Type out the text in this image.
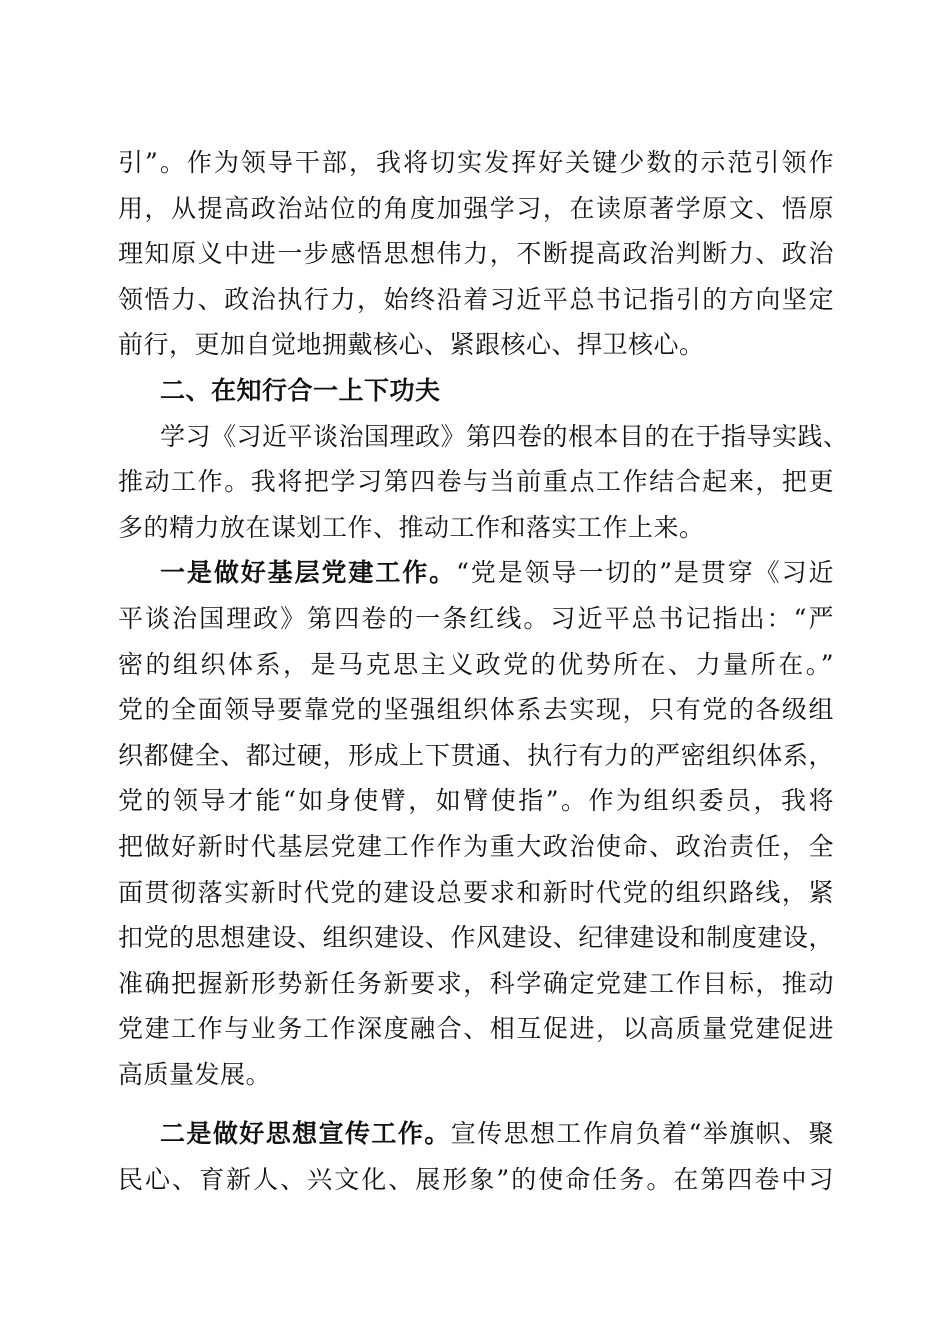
引”。作为领导干部，我将切实发挥好关键少数的示范引领作
用，从提高政治站位的角度加强学习，在读原著学原文、悟原
理知原义中进一步感悟思想伟力，不断提高政治判断力、政治
领悟力、政治执行力，始终沿着习近平总书记指引的方向坚定
前行，更加自觉地拥戴核心、紧跟核心、捍卫核心。
二、在知行合一上下功夫
学习《习近平谈治国理政》第四卷的根本目的在于指导实践、
推动工作。我将把学习第四卷与当前重点工作结合起来，把更
多的精力放在谋划工作、推动工作和落实工作上来。
一是做好基层党建工作。“党是领导一切的”是贯穿《习近
平谈治国理政》第四卷的一条红线。习近平总书记指出：“严
密的组织体系，是马克思主义政党的优势所在、力量所在。”
党的全面领导要靠党的坚强组织体系去实现，只有党的各级组
织都健全、都过硬，形成上下贯通、执行有力的严密组织体系，
党的领导才能“如身使臂，如臂使指”。作为组织委员，我将
把做好新时代基层党建工作作为重大政治使命、政治责任，全
面贯彻落实新时代党的建设总要求和新时代党的组织路线，紧
扣党的思想建设、组织建设、作风建设、纪律建设和制度建设，
准确把握新形势新任务新要求，科学确定党建工作目标，推动
党建工作与业务工作深度融合、相互促进，以高质量党建促进
高质量发展。
二是做好思想宣传工作。宣传思想工作肩负着“举旗帜、聚
民心、育新人、兴文化、展形象”的使命任务。在第四卷中习
